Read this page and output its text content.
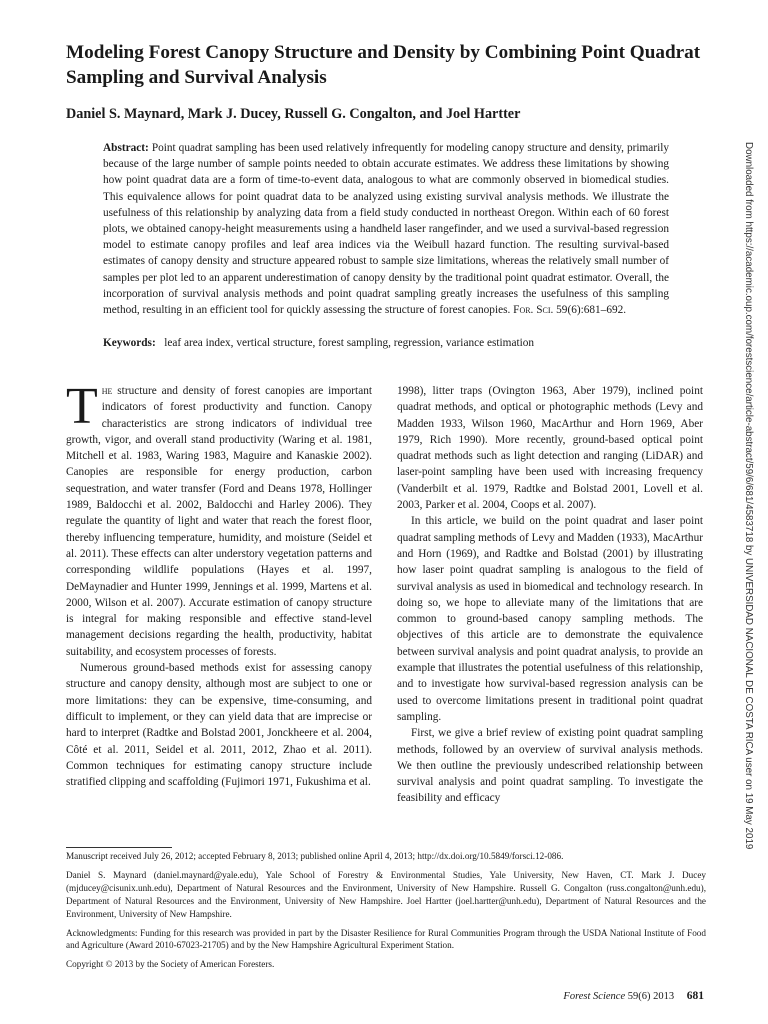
Modeling Forest Canopy Structure and Density by Combining Point Quadrat Sampling and Survival Analysis
Daniel S. Maynard, Mark J. Ducey, Russell G. Congalton, and Joel Hartter

Abstract: Point quadrat sampling has been used relatively infrequently for modeling canopy structure and density, primarily because of the large number of sample points needed to obtain accurate estimates. We address these limitations by showing how point quadrat data are a form of time-to-event data, analogous to what are commonly observed in biomedical studies. This equivalence allows for point quadrat data to be analyzed using existing survival analysis methods. We illustrate the usefulness of this relationship by analyzing data from a field study conducted in northeast Oregon. Within each of 60 forest plots, we obtained canopy-height measurements using a handheld laser rangefinder, and we used a survival-based regression model to estimate canopy profiles and leaf area indices via the Weibull hazard function. The resulting survival-based estimates of canopy density and structure appeared robust to sample size limitations, whereas the relatively small number of samples per plot led to an apparent underestimation of canopy density by the traditional point quadrat estimator. Overall, the incorporation of survival analysis methods and point quadrat sampling greatly increases the usefulness of this sampling method, resulting in an efficient tool for quickly assessing the structure of forest canopies. For. Sci. 59(6):681–692.

Keywords: leaf area index, vertical structure, forest sampling, regression, variance estimation

The structure and density of forest canopies are important indicators of forest productivity and function. Canopy characteristics are strong indicators of individual tree growth, vigor, and overall stand productivity (Waring et al. 1981, Mitchell et al. 1983, Waring 1983, Maguire and Kanaskie 2002). Canopies are responsible for energy production, carbon sequestration, and water transfer (Ford and Deans 1978, Hollinger 1989, Baldocchi et al. 2002, Baldocchi and Harley 2006). They regulate the quantity of light and water that reach the forest floor, thereby influencing temperature, humidity, and moisture (Seidel et al. 2011). These effects can alter understory vegetation patterns and corresponding wildlife populations (Hayes et al. 1997, DeMaynadier and Hunter 1999, Jennings et al. 1999, Martens et al. 2000, Wilson et al. 2007). Accurate estimation of canopy structure is integral for making responsible and effective stand-level management decisions regarding the health, productivity, habitat suitability, and ecosystem processes of forests.

Numerous ground-based methods exist for assessing canopy structure and canopy density, although most are subject to one or more limitations: they can be expensive, time-consuming, and difficult to implement, or they can yield data that are imprecise or hard to interpret (Radtke and Bolstad 2001, Jonckheere et al. 2004, Côté et al. 2011, Seidel et al. 2011, 2012, Zhao et al. 2011). Common techniques for estimating canopy structure include stratified clipping and scaffolding (Fujimori 1971, Fukushima et al.

1998), litter traps (Ovington 1963, Aber 1979), inclined point quadrat methods, and optical or photographic methods (Levy and Madden 1933, Wilson 1960, MacArthur and Horn 1969, Aber 1979, Rich 1990). More recently, ground-based optical point quadrat methods such as light detection and ranging (LiDAR) and laser-point sampling have been used with increasing frequency (Vanderbilt et al. 1979, Radtke and Bolstad 2001, Lovell et al. 2003, Parker et al. 2004, Coops et al. 2007).

In this article, we build on the point quadrat and laser point quadrat sampling methods of Levy and Madden (1933), MacArthur and Horn (1969), and Radtke and Bolstad (2001) by illustrating how laser point quadrat sampling is analogous to the field of survival analysis as used in biomedical and technology research. In doing so, we hope to alleviate many of the limitations that are common to ground-based canopy sampling methods. The objectives of this article are to demonstrate the equivalence between survival analysis and point quadrat analysis, to provide an example that illustrates the potential usefulness of this relationship, and to investigate how survival-based regression analysis can be used to overcome limitations present in traditional point quadrat sampling.

First, we give a brief review of existing point quadrat sampling methods, followed by an overview of survival analysis methods. We then outline the previously undescribed relationship between survival analysis and point quadrat sampling. To investigate the feasibility and efficacy

Manuscript received July 26, 2012; accepted February 8, 2013; published online April 4, 2013; http://dx.doi.org/10.5849/forsci.12-086.

Daniel S. Maynard (daniel.maynard@yale.edu), Yale School of Forestry & Environmental Studies, Yale University, New Haven, CT. Mark J. Ducey (mjducey@cisunix.unh.edu), Department of Natural Resources and the Environment, University of New Hampshire. Russell G. Congalton (russ.congalton@unh.edu), Department of Natural Resources and the Environment, University of New Hampshire. Joel Hartter (joel.hartter@unh.edu), Department of Natural Resources and the Environment, University of New Hampshire.

Acknowledgments: Funding for this research was provided in part by the Disaster Resilience for Rural Communities Program through the USDA National Institute of Food and Agriculture (Award 2010-67023-21705) and by the New Hampshire Agricultural Experiment Station.

Copyright © 2013 by the Society of American Foresters.

Forest Science 59(6) 2013 681
Downloaded from https://academic.oup.com/forestscience/article-abstract/59/6/681/4583718 by UNIVERSIDAD NACIONAL DE COSTA RICA user on 19 May 2019
